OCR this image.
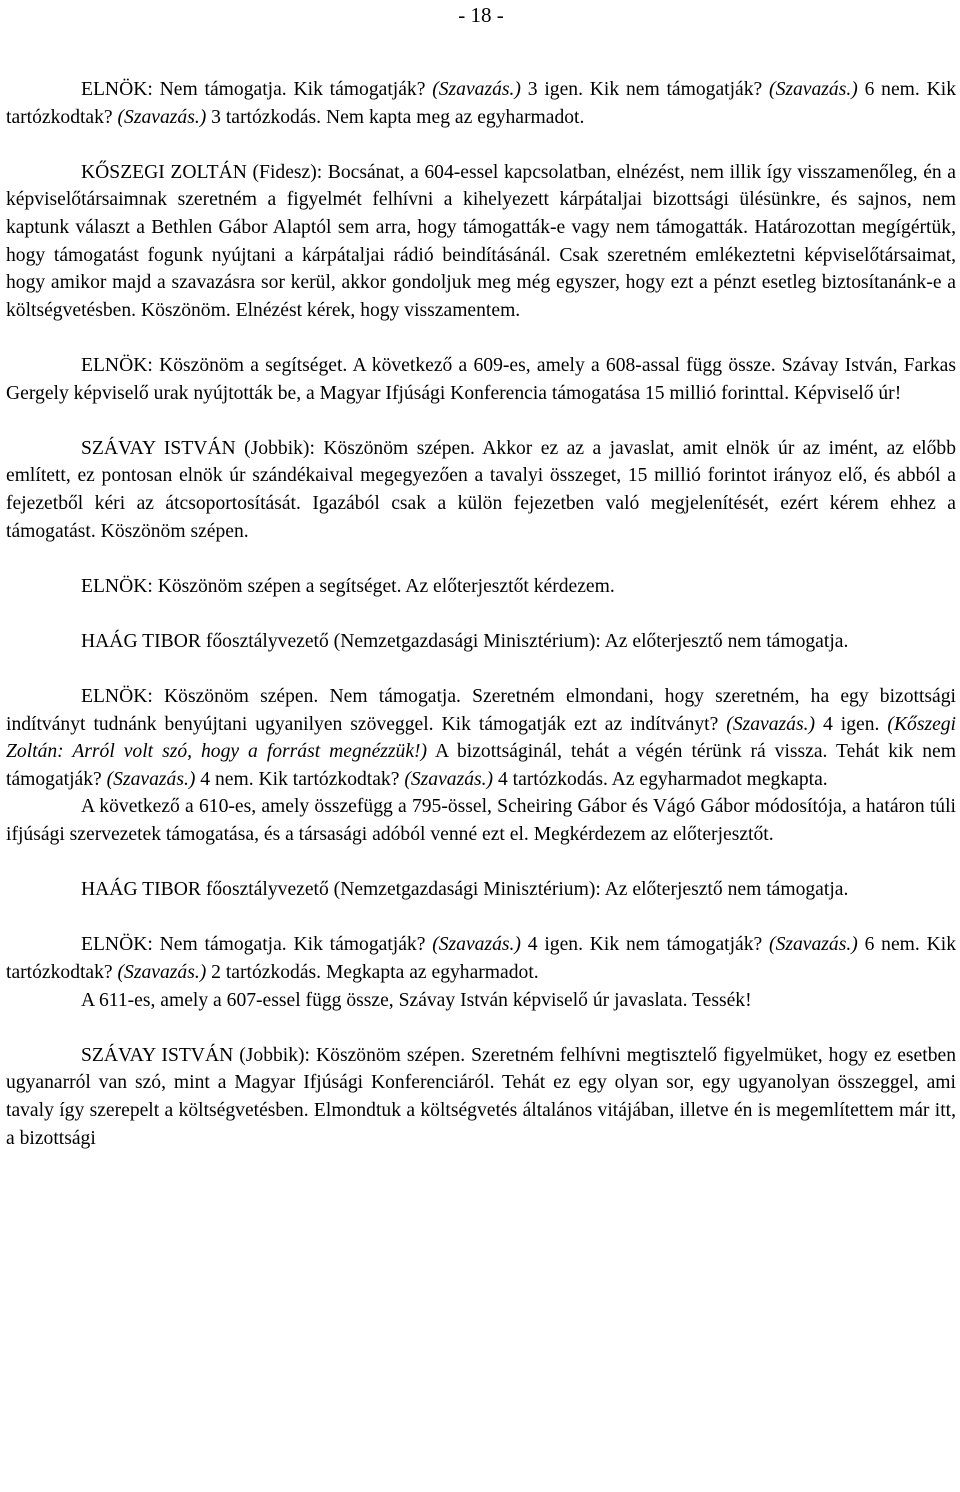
- 18 -

ELNÖK: Nem támogatja. Kik támogatják? (Szavazás.) 3 igen. Kik nem támogatják? (Szavazás.) 6 nem. Kik tartózkodtak? (Szavazás.) 3 tartózkodás. Nem kapta meg az egyharmadot.

KŐSZEGI ZOLTÁN (Fidesz): Bocsánat, a 604-essel kapcsolatban, elnézést, nem illik így visszamenőleg, én a képviselőtársaimnak szeretném a figyelmét felhívni a kihelyezett kárpátaljai bizottsági ülésünkre, és sajnos, nem kaptunk választ a Bethlen Gábor Alaptól sem arra, hogy támogatták-e vagy nem támogatták. Határozottan megígértük, hogy támogatást fogunk nyújtani a kárpátaljai rádió beindításánál. Csak szeretném emlékeztetni képviselőtársaimat, hogy amikor majd a szavazásra sor kerül, akkor gondoljuk meg még egyszer, hogy ezt a pénzt esetleg biztosítanánk-e a költségvetésben. Köszönöm. Elnézést kérek, hogy visszamentem.

ELNÖK: Köszönöm a segítséget. A következő a 609-es, amely a 608-assal függ össze. Szávay István, Farkas Gergely képviselő urak nyújtották be, a Magyar Ifjúsági Konferencia támogatása 15 millió forinttal. Képviselő úr!

SZÁVAY ISTVÁN (Jobbik): Köszönöm szépen. Akkor ez az a javaslat, amit elnök úr az imént, az előbb említett, ez pontosan elnök úr szándékaival megegyezően a tavalyi összeget, 15 millió forintot irányoz elő, és abból a fejezetből kéri az átcsoportosítását. Igazából csak a külön fejezetben való megjelenítését, ezért kérem ehhez a támogatást. Köszönöm szépen.

ELNÖK: Köszönöm szépen a segítséget. Az előterjesztőt kérdezem.

HAÁG TIBOR főosztályvezető (Nemzetgazdasági Minisztérium): Az előterjesztő nem támogatja.

ELNÖK: Köszönöm szépen. Nem támogatja. Szeretném elmondani, hogy szeretném, ha egy bizottsági indítványt tudnánk benyújtani ugyanilyen szöveggel. Kik támogatják ezt az indítványt? (Szavazás.) 4 igen. (Kőszegi Zoltán: Arról volt szó, hogy a forrást megnézzük!) A bizottságinál, tehát a végén térünk rá vissza. Tehát kik nem támogatják? (Szavazás.) 4 nem. Kik tartózkodtak? (Szavazás.) 4 tartózkodás. Az egyharmadot megkapta.

A következő a 610-es, amely összefügg a 795-össel, Scheiring Gábor és Vágó Gábor módosítója, a határon túli ifjúsági szervezetek támogatása, és a társasági adóból venné ezt el. Megkérdezem az előterjesztőt.

HAÁG TIBOR főosztályvezető (Nemzetgazdasági Minisztérium): Az előterjesztő nem támogatja.

ELNÖK: Nem támogatja. Kik támogatják? (Szavazás.) 4 igen. Kik nem támogatják? (Szavazás.) 6 nem. Kik tartózkodtak? (Szavazás.) 2 tartózkodás. Megkapta az egyharmadot.

A 611-es, amely a 607-essel függ össze, Szávay István képviselő úr javaslata. Tessék!

SZÁVAY ISTVÁN (Jobbik): Köszönöm szépen. Szeretném felhívni megtisztelő figyelmüket, hogy ez esetben ugyanarról van szó, mint a Magyar Ifjúsági Konferenciáról. Tehát ez egy olyan sor, egy ugyanolyan összeggel, ami tavaly így szerepelt a költségvetésben. Elmondtuk a költségvetés általános vitájában, illetve én is megemlítettem már itt, a bizottsági
